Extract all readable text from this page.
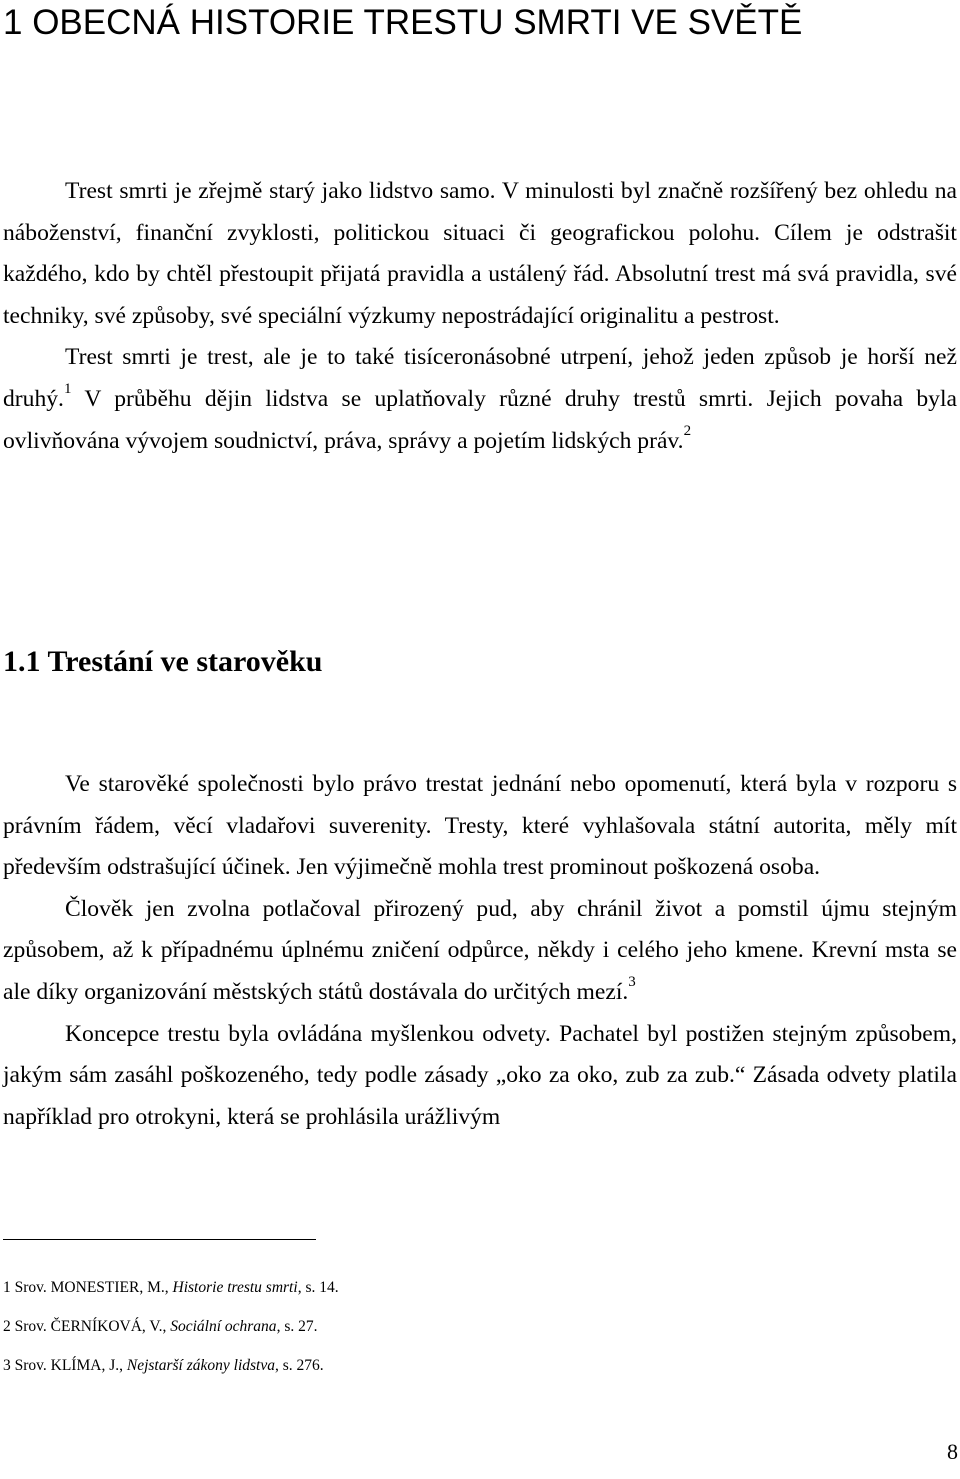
1 OBECNÁ HISTORIE TRESTU SMRTI VE SVĚTĚ

Trest smrti je zřejmě starý jako lidstvo samo. V minulosti byl značně rozšířený bez ohledu na náboženství, finanční zvyklosti, politickou situaci či geografickou polohu. Cílem je odstrašit každého, kdo by chtěl přestoupit přijatá pravidla a ustálený řád. Absolutní trest má svá pravidla, své techniky, své způsoby, své speciální výzkumy nepostrádající originalitu a pestrost.

Trest smrti je trest, ale je to také tisíceronásobné utrpení, jehož jeden způsob je horší než druhý.$^1$ V průběhu dějin lidstva se uplatňovaly různé druhy trestů smrti. Jejich povaha byla ovlivňována vývojem soudnictví, práva, správy a pojetím lidských práv.$^2$

1.1 Trestání ve starověku

Ve starověké společnosti bylo právo trestat jednání nebo opomenutí, která byla v rozporu s právním řádem, věcí vladařovi suverenity. Tresty, které vyhlašovala státní autorita, měly mít především odstrašující účinek. Jen výjimečně mohla trest prominout poškozená osoba.

Člověk jen zvolna potlačoval přirozený pud, aby chránil život a pomstil újmu stejným způsobem, až k případnému úplnému zničení odpůrce, někdy i celého jeho kmene. Krevní msta se ale díky organizování městských států dostávala do určitých mezí.$^3$

Koncepce trestu byla ovládána myšlenkou odvety. Pachatel byl postižen stejným způsobem, jakým sám zasáhl poškozeného, tedy podle zásady „oko za oko, zub za zub.“ Zásada odvety platila například pro otrokyni, která se prohlásila urážlivým

1 Srov. MONESTIER, M., Historie trestu smrti, s. 14.

2 Srov. ČERNÍKOVÁ, V., Sociální ochrana, s. 27.

3 Srov. KLÍMA, J., Nejstarší zákony lidstva, s. 276.

8
